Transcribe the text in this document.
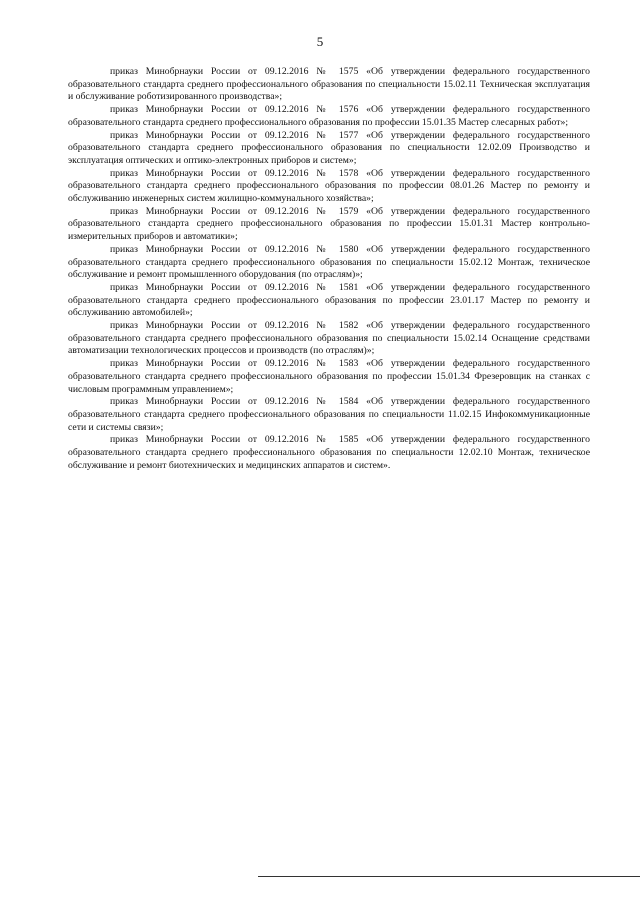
5

приказ Минобрнауки России от 09.12.2016 № 1575 «Об утверждении федерального государственного образовательного стандарта среднего профессионального образования по специальности 15.02.11 Техническая эксплуатация и обслуживание роботизированного производства»;

приказ Минобрнауки России от 09.12.2016 № 1576 «Об утверждении федерального государственного образовательного стандарта среднего профессионального образования по профессии 15.01.35 Мастер слесарных работ»;

приказ Минобрнауки России от 09.12.2016 № 1577 «Об утверждении федерального государственного образовательного стандарта среднего профессионального образования по специальности 12.02.09 Производство и эксплуатация оптических и оптико-электронных приборов и систем»;

приказ Минобрнауки России от 09.12.2016 № 1578 «Об утверждении федерального государственного образовательного стандарта среднего профессионального образования по профессии 08.01.26 Мастер по ремонту и обслуживанию инженерных систем жилищно-коммунального хозяйства»;

приказ Минобрнауки России от 09.12.2016 № 1579 «Об утверждении федерального государственного образовательного стандарта среднего профессионального образования по профессии 15.01.31 Мастер контрольно-измерительных приборов и автоматики»;

приказ Минобрнауки России от 09.12.2016 № 1580 «Об утверждении федерального государственного образовательного стандарта среднего профессионального образования по специальности 15.02.12 Монтаж, техническое обслуживание и ремонт промышленного оборудования (по отраслям)»;

приказ Минобрнауки России от 09.12.2016 № 1581 «Об утверждении федерального государственного образовательного стандарта среднего профессионального образования по профессии 23.01.17 Мастер по ремонту и обслуживанию автомобилей»;

приказ Минобрнауки России от 09.12.2016 № 1582 «Об утверждении федерального государственного образовательного стандарта среднего профессионального образования по специальности 15.02.14 Оснащение средствами автоматизации технологических процессов и производств (по отраслям)»;

приказ Минобрнауки России от 09.12.2016 № 1583 «Об утверждении федерального государственного образовательного стандарта среднего профессионального образования по профессии 15.01.34 Фрезеровщик на станках с числовым программным управлением»;

приказ Минобрнауки России от 09.12.2016 № 1584 «Об утверждении федерального государственного образовательного стандарта среднего профессионального образования по специальности 11.02.15 Инфокоммуникационные сети и системы связи»;

приказ Минобрнауки России от 09.12.2016 № 1585 «Об утверждении федерального государственного образовательного стандарта среднего профессионального образования по специальности 12.02.10 Монтаж, техническое обслуживание и ремонт биотехнических и медицинских аппаратов и систем».
